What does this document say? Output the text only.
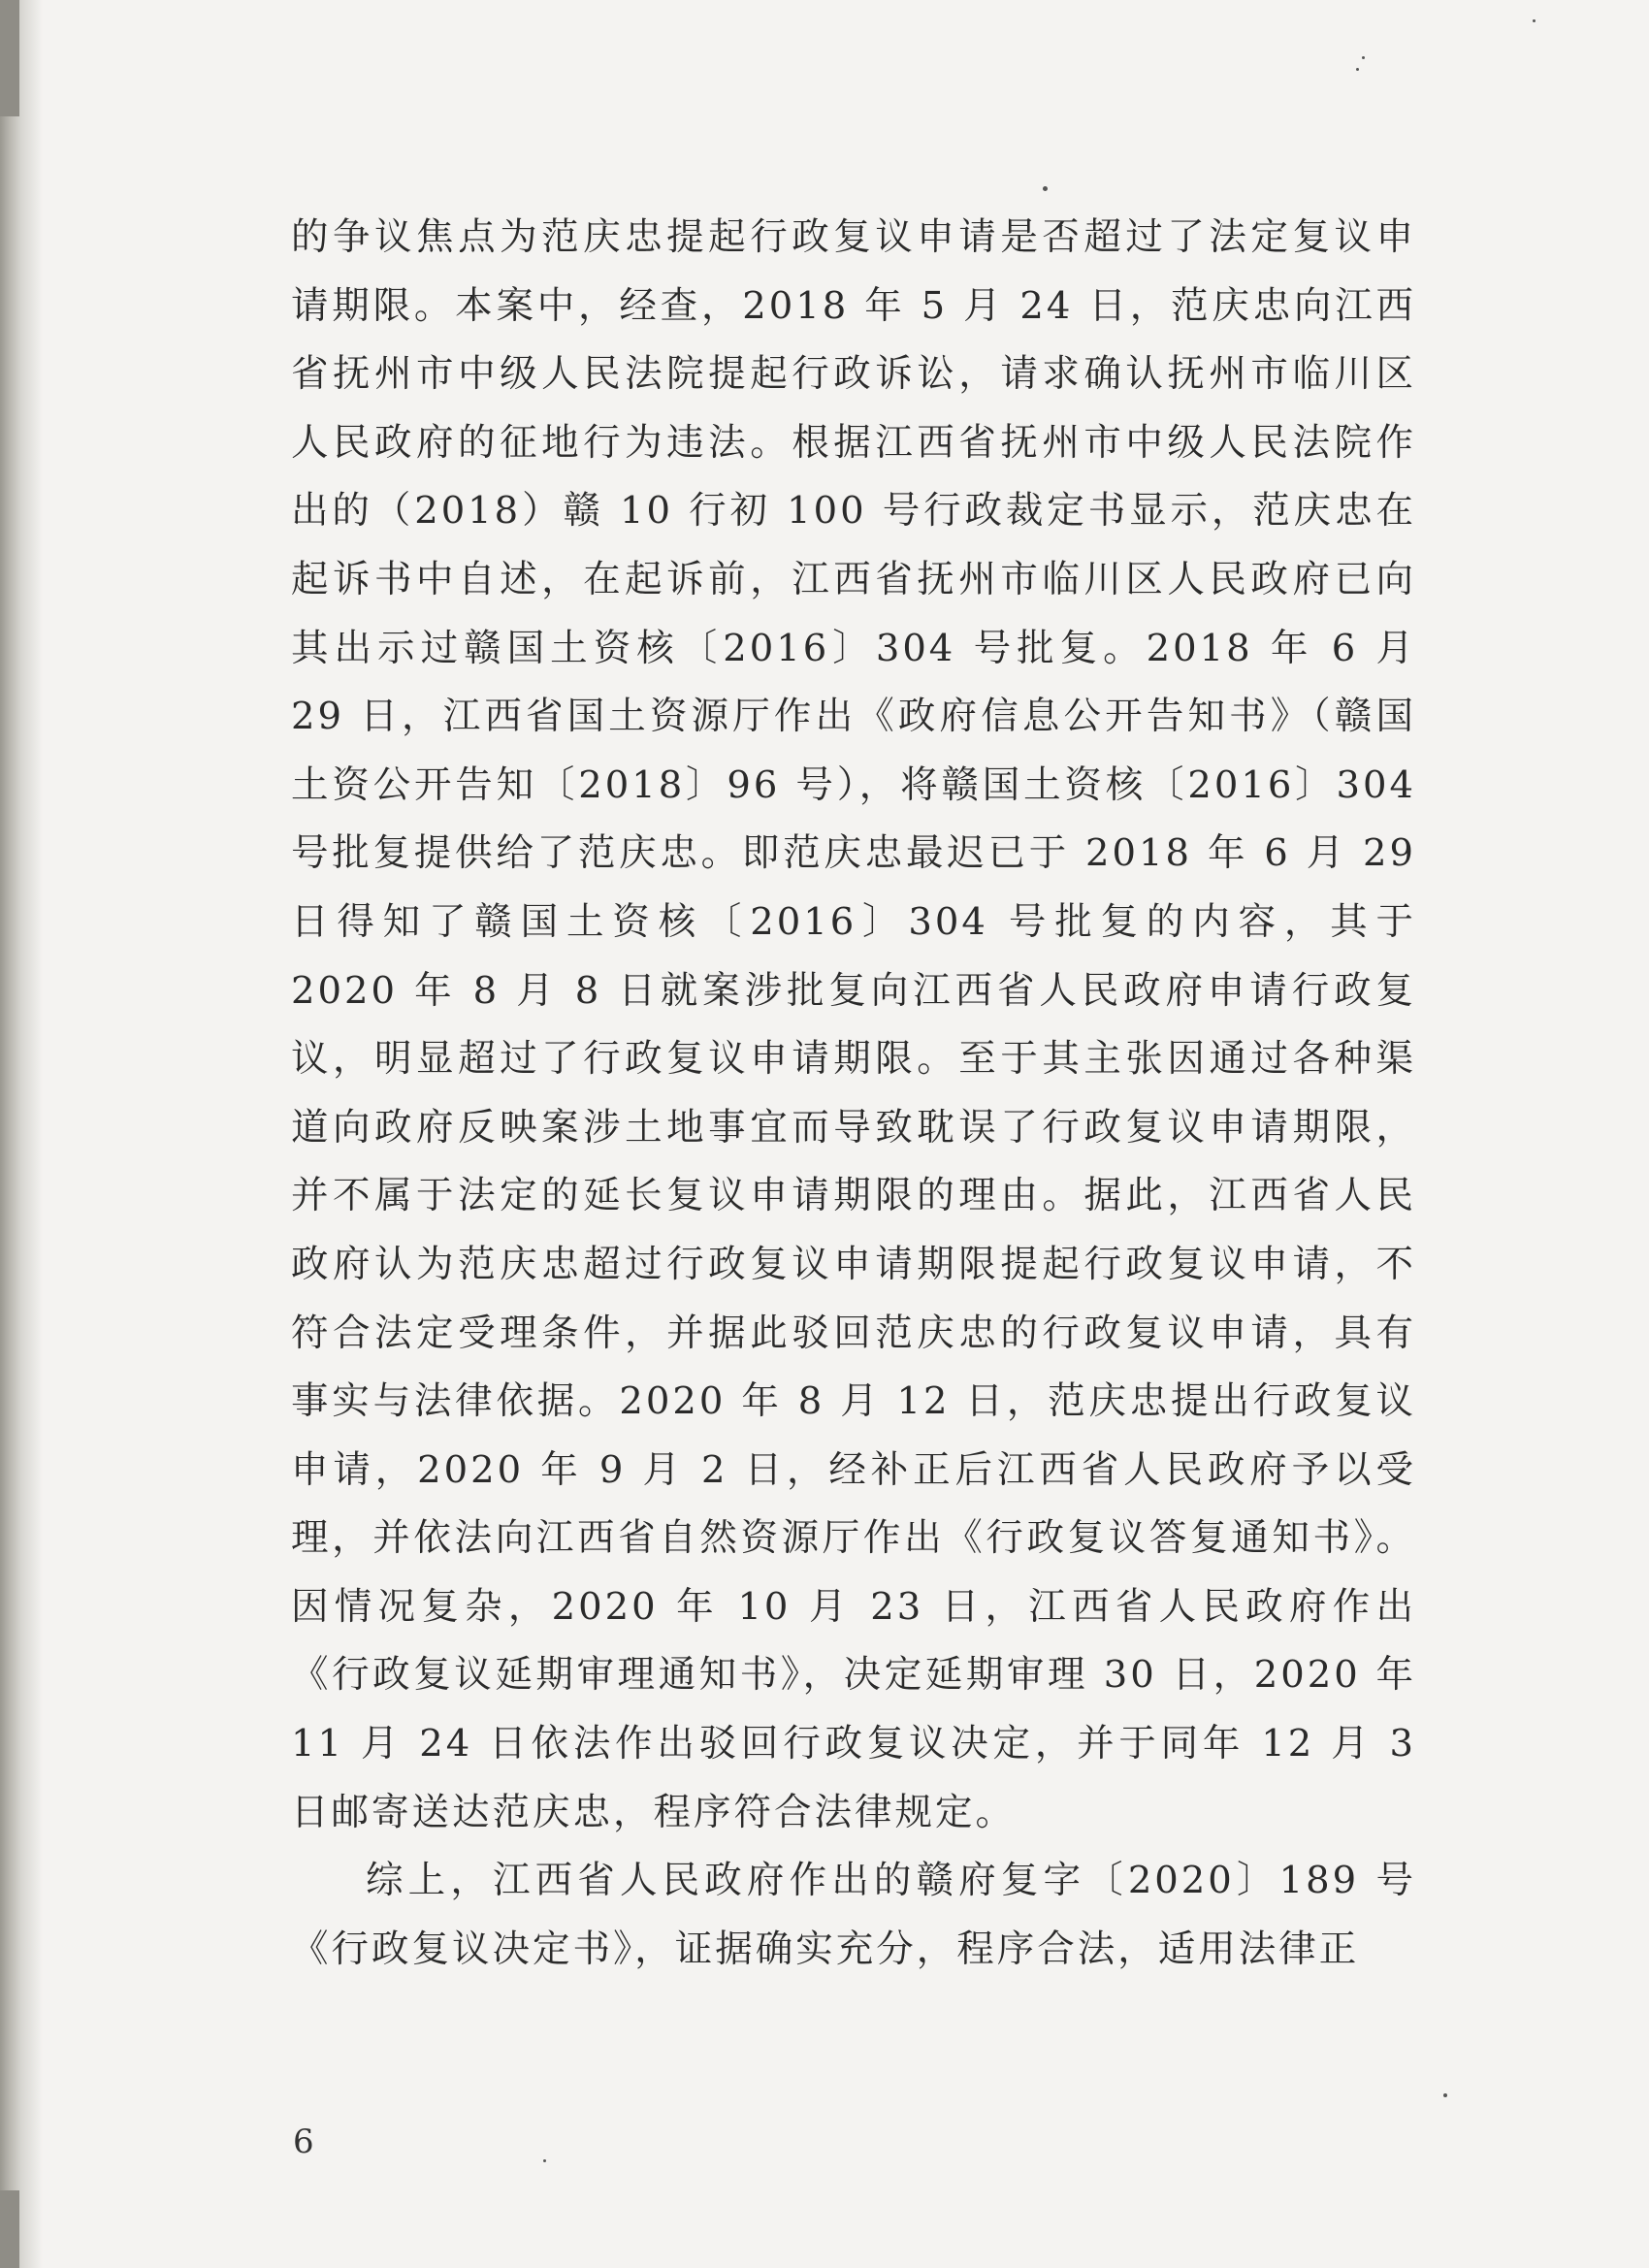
的争议焦点为范庆忠提起行政复议申请是否超过了法定复议申请期限。本案中，经查，2018 年 5 月 24 日，范庆忠向江西省抚州市中级人民法院提起行政诉讼，请求确认抚州市临川区人民政府的征地行为违法。根据江西省抚州市中级人民法院作出的（2018）赣 10 行初 100 号行政裁定书显示，范庆忠在起诉书中自述，在起诉前，江西省抚州市临川区人民政府已向其出示过赣国土资核〔2016〕304 号批复。2018 年 6 月 29 日，江西省国土资源厅作出《政府信息公开告知书》（赣国土资公开告知〔2018〕96 号），将赣国土资核〔2016〕304 号批复提供给了范庆忠。即范庆忠最迟已于 2018 年 6 月 29 日得知了赣国土资核〔2016〕304 号批复的内容，其于 2020 年 8 月 8 日就案涉批复向江西省人民政府申请行政复议，明显超过了行政复议申请期限。至于其主张因通过各种渠道向政府反映案涉土地事宜而导致耽误了行政复议申请期限，并不属于法定的延长复议申请期限的理由。据此，江西省人民政府认为范庆忠超过行政复议申请期限提起行政复议申请，不符合法定受理条件，并据此驳回范庆忠的行政复议申请，具有事实与法律依据。2020 年 8 月 12 日，范庆忠提出行政复议申请，2020 年 9 月 2 日，经补正后江西省人民政府予以受理，并依法向江西省自然资源厅作出《行政复议答复通知书》。因情况复杂，2020 年 10 月 23 日，江西省人民政府作出《行政复议延期审理通知书》，决定延期审理 30 日，2020 年 11 月 24 日依法作出驳回行政复议决定，并于同年 12 月 3 日邮寄送达范庆忠，程序符合法律规定。

综上，江西省人民政府作出的赣府复字〔2020〕189 号《行政复议决定书》，证据确实充分，程序合法，适用法律正

6
